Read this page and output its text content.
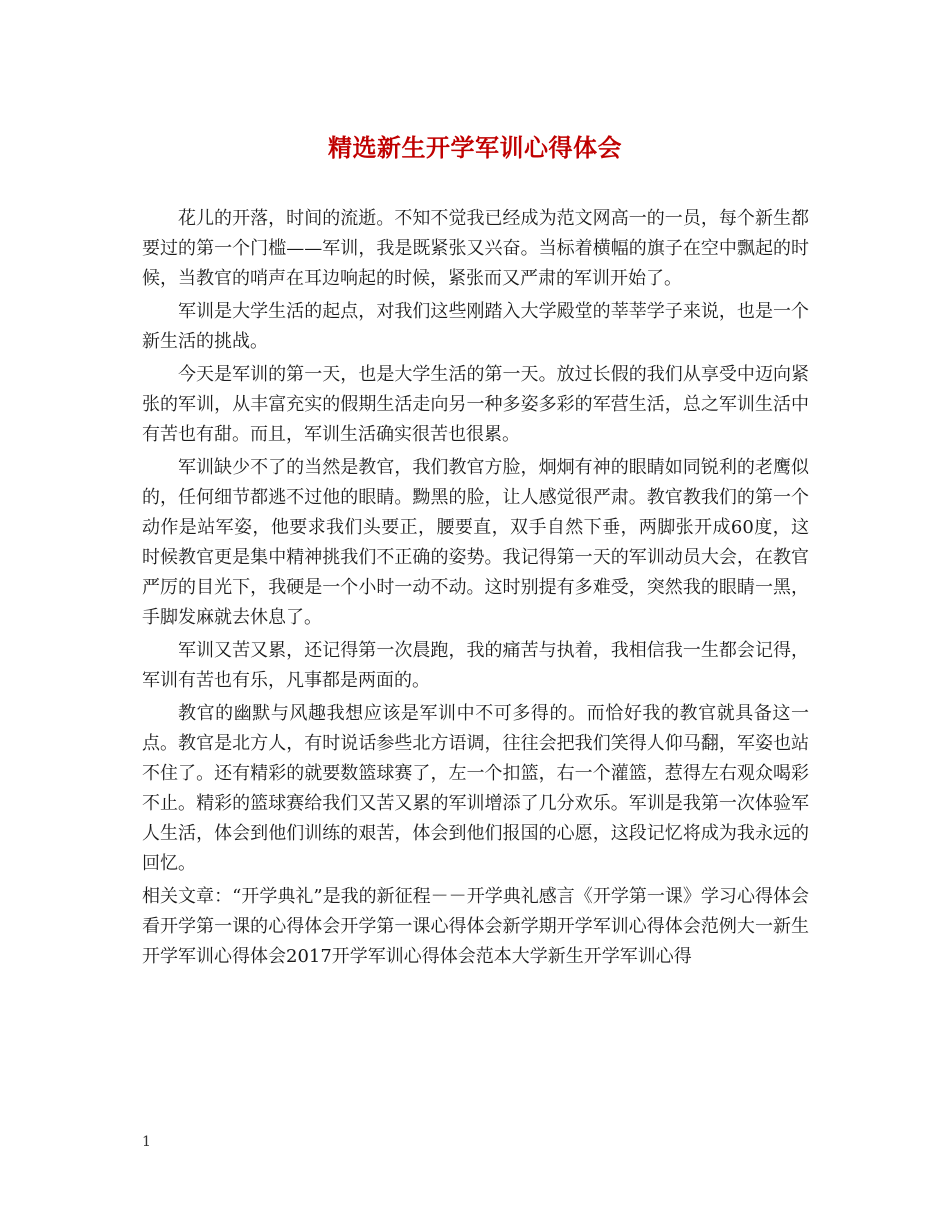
精选新生开学军训心得体会

花儿的开落，时间的流逝。不知不觉我已经成为范文网高一的一员，每个新生都要过的第一个门槛——军训，我是既紧张又兴奋。当标着横幅的旗子在空中飘起的时候，当教官的哨声在耳边响起的时候，紧张而又严肃的军训开始了。

军训是大学生活的起点，对我们这些刚踏入大学殿堂的莘莘学子来说，也是一个新生活的挑战。

今天是军训的第一天，也是大学生活的第一天。放过长假的我们从享受中迈向紧张的军训，从丰富充实的假期生活走向另一种多姿多彩的军营生活，总之军训生活中有苦也有甜。而且，军训生活确实很苦也很累。

军训缺少不了的当然是教官，我们教官方脸，炯炯有神的眼睛如同锐利的老鹰似的，任何细节都逃不过他的眼睛。黝黑的脸，让人感觉很严肃。教官教我们的第一个动作是站军姿，他要求我们头要正，腰要直，双手自然下垂，两脚张开成60度，这时候教官更是集中精神挑我们不正确的姿势。我记得第一天的军训动员大会，在教官严厉的目光下，我硬是一个小时一动不动。这时别提有多难受，突然我的眼睛一黑，手脚发麻就去休息了。

军训又苦又累，还记得第一次晨跑，我的痛苦与执着，我相信我一生都会记得，军训有苦也有乐，凡事都是两面的。

教官的幽默与风趣我想应该是军训中不可多得的。而恰好我的教官就具备这一点。教官是北方人，有时说话参些北方语调，往往会把我们笑得人仰马翻，军姿也站不住了。还有精彩的就要数篮球赛了，左一个扣篮，右一个灌篮，惹得左右观众喝彩不止。精彩的篮球赛给我们又苦又累的军训增添了几分欢乐。军训是我第一次体验军人生活，体会到他们训练的艰苦，体会到他们报国的心愿，这段记忆将成为我永远的回忆。

相关文章：“开学典礼”是我的新征程－－开学典礼感言《开学第一课》学习心得体会看开学第一课的心得体会开学第一课心得体会新学期开学军训心得体会范例大一新生开学军训心得体会2017开学军训心得体会范本大学新生开学军训心得

1
